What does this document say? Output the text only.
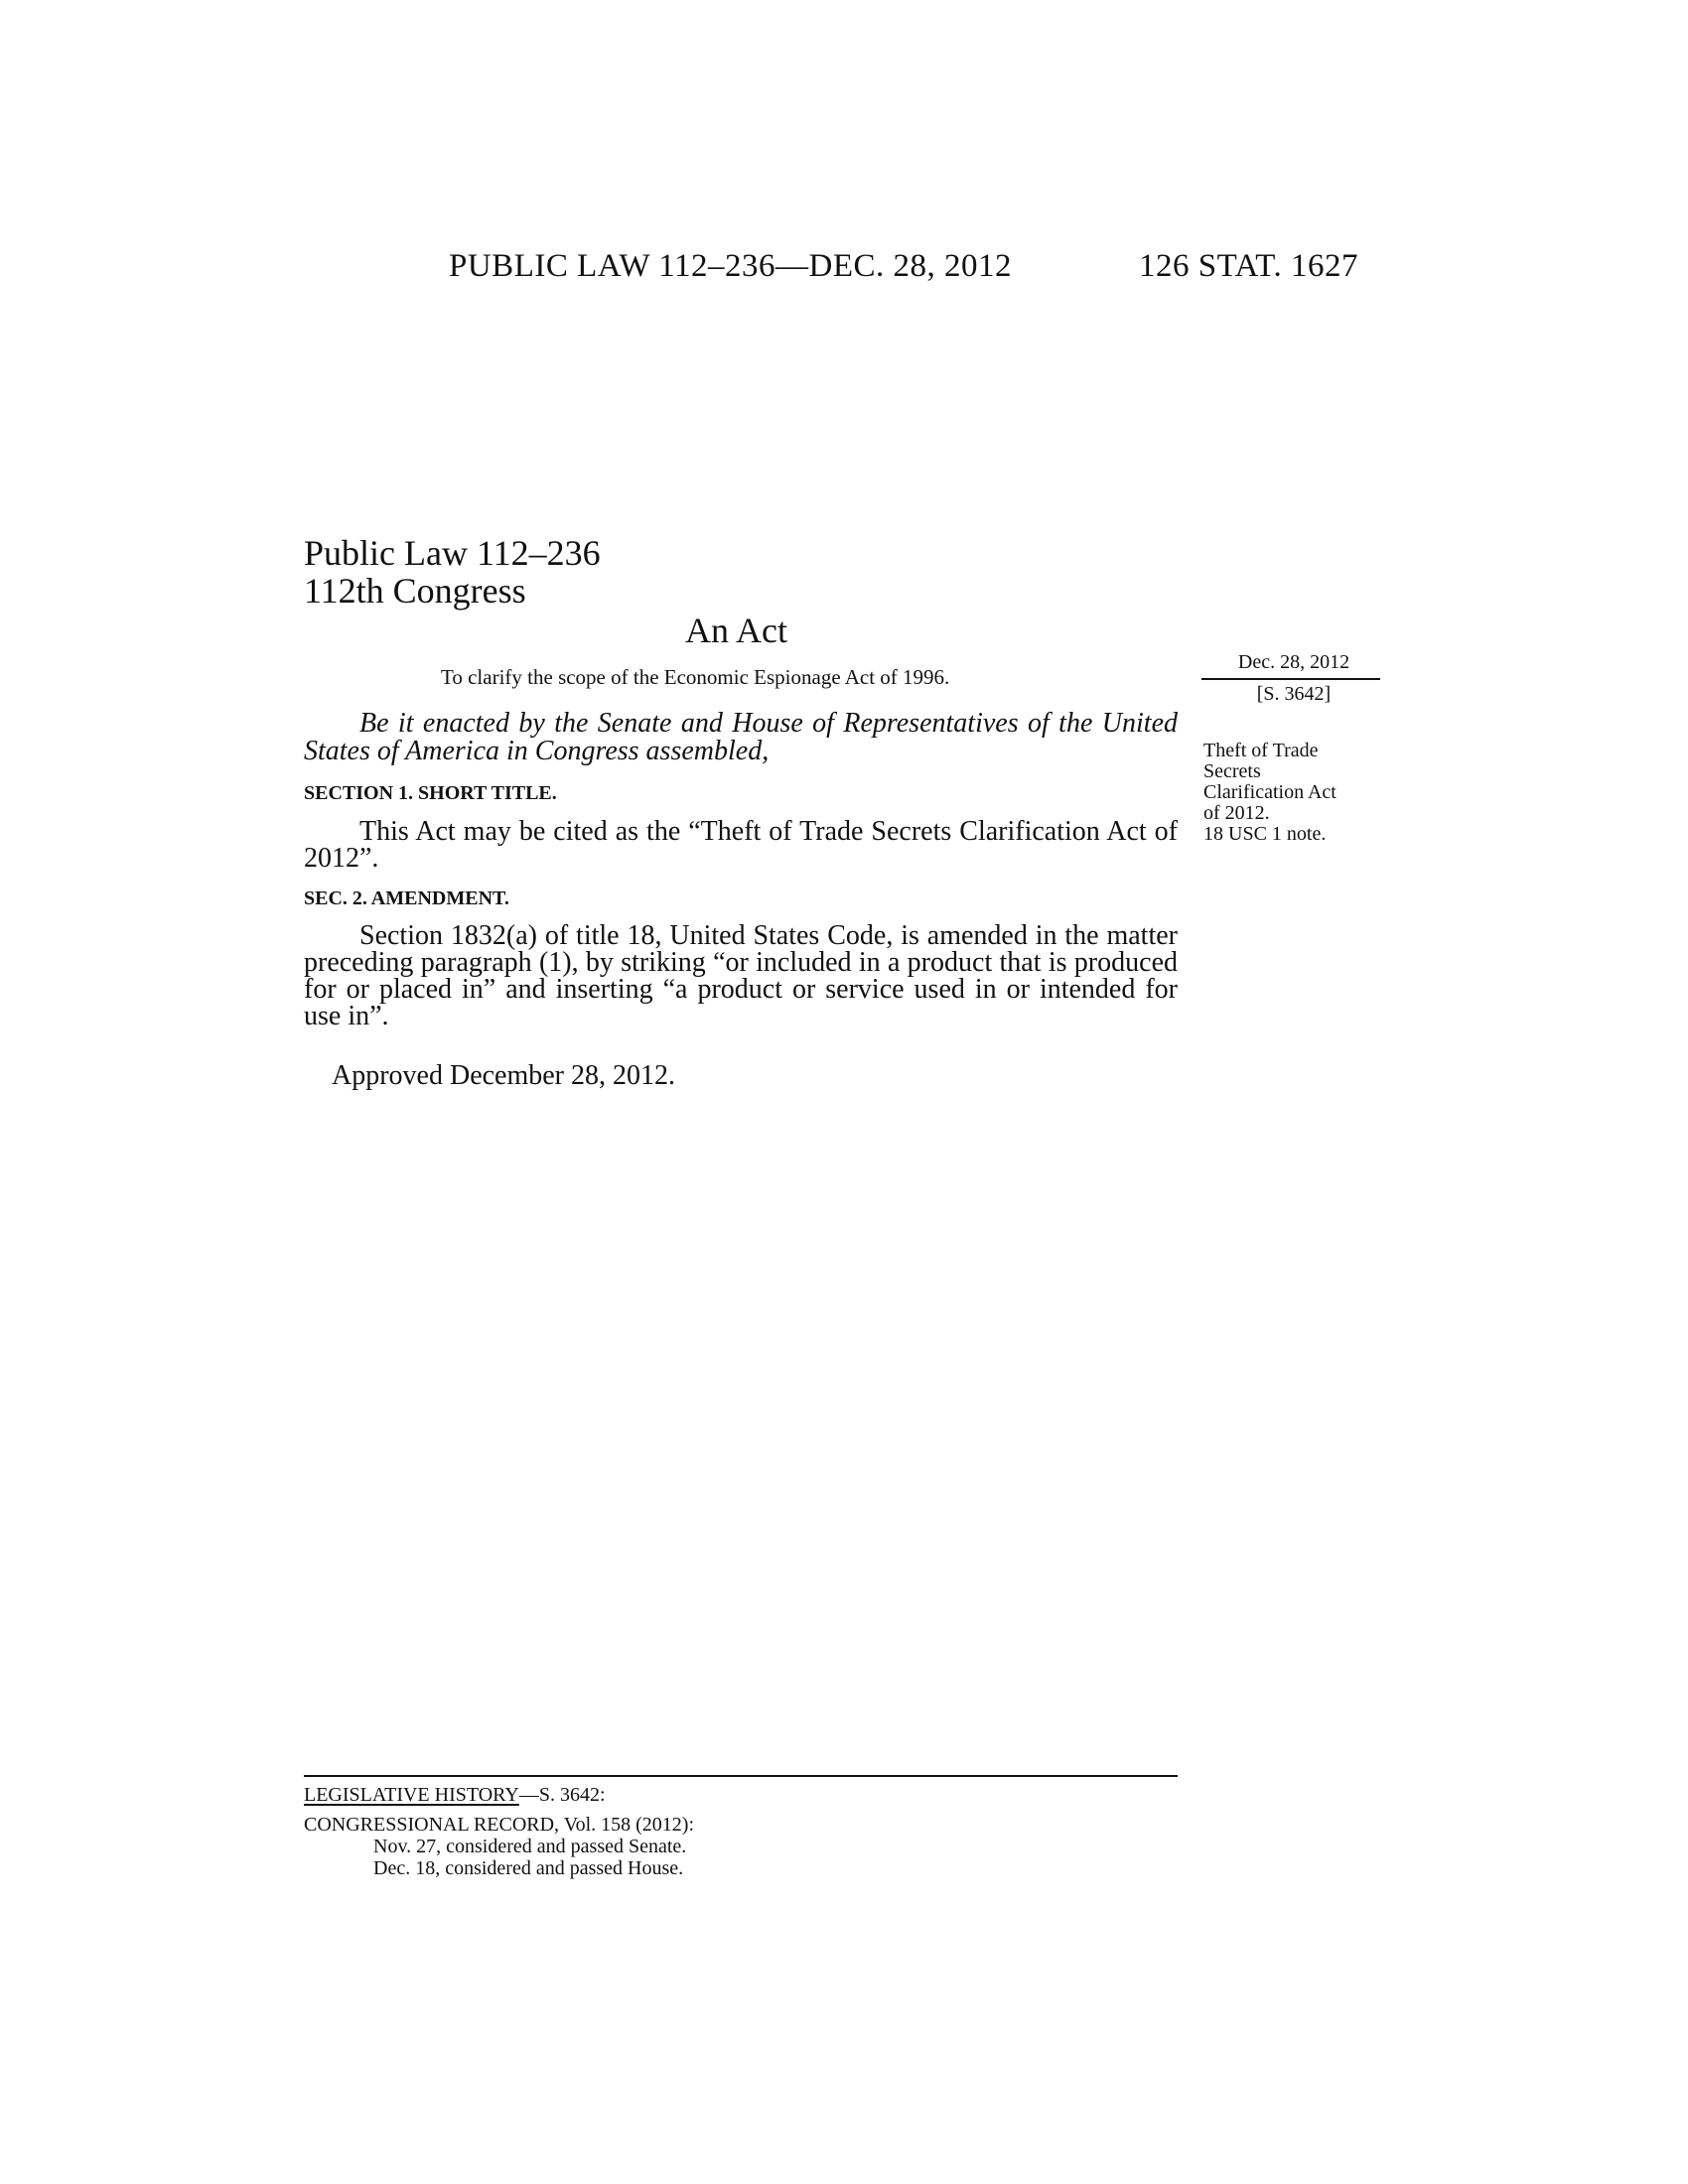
PUBLIC LAW 112–236—DEC. 28, 2012	126 STAT. 1627
Public Law 112–236
112th Congress
An Act
To clarify the scope of the Economic Espionage Act of 1996.
Dec. 28, 2012
[S. 3642]
Theft of Trade
Secrets
Clarification Act
of 2012.
18 USC 1 note.
Be it enacted by the Senate and House of Representatives of the United States of America in Congress assembled,
SECTION 1. SHORT TITLE.
This Act may be cited as the “Theft of Trade Secrets Clarification Act of 2012”.
SEC. 2. AMENDMENT.
Section 1832(a) of title 18, United States Code, is amended in the matter preceding paragraph (1), by striking “or included in a product that is produced for or placed in” and inserting “a product or service used in or intended for use in”.
Approved December 28, 2012.
LEGISLATIVE HISTORY—S. 3642:
CONGRESSIONAL RECORD, Vol. 158 (2012):
Nov. 27, considered and passed Senate.
Dec. 18, considered and passed House.
